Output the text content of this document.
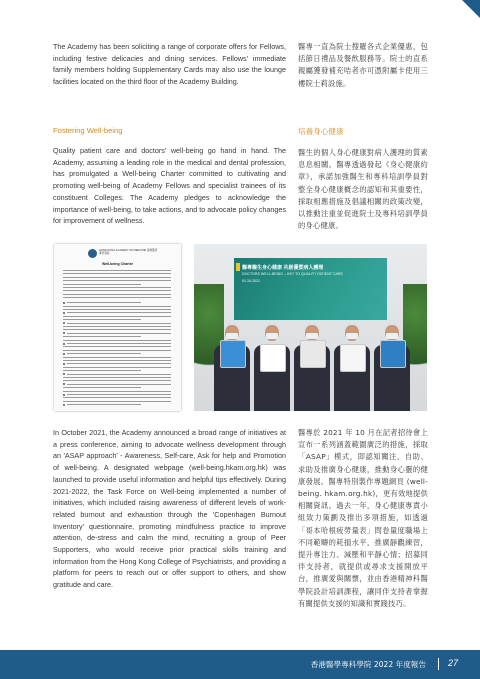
The Academy has been soliciting a range of corporate offers for Fellows, including festive delicacies and dining services. Fellows' immediate family members holding Supplementary Cards may also use the lounge facilities located on the third floor of the Academy Building.

醫專一直為院士搜羅各式企業優惠，包括節日禮品及餐飲服務等。院士的直系親屬獲發補充咭者亦可憑附屬卡使用三樓院士莉設施。

Fostering Well-being

Quality patient care and doctors' well-being go hand in hand. The Academy, assuming a leading role in the medical and dental profession, has promulgated a Well-being Charter committed to cultivating and promoting well-being of Academy Fellows and specialist trainees of its constituent Colleges. The Academy pledges to acknowledge the importance of well-being, to take actions, and to advocate policy changes for improvement of wellness.

培養身心健康

醫生的個人身心健康對病人護理的質素息息相關。醫專透過發起《身心健康約章》，承諾加強醫生和專科培訓學員對整全身心健康概念的認知和其重要性，採取相應措施及倡議相關的政策改變，以推動注重並促進院士及專科培訓學員的身心健康。

HONG KONG ACADEMY OF MEDICINE 香港醫學專科學院
Well-being Charter
醫專醫生身心健康 共創優質病人護理
DOCTORS WELL-BEING – KEY TO QUALITY PATIENT CARE
01.10.2021

In October 2021, the Academy announced a broad range of initiatives at a press conference, aiming to advocate wellness development through an 'ASAP approach' - Awareness, Self-care, Ask for help and Promotion of well-being. A designated webpage (well-being.hkam.org.hk) was launched to provide useful information and helpful tips effectively. During 2021-2022, the Task Force on Well-being implemented a number of initiatives, which included raising awareness of different levels of work-related burnout and exhaustion through the 'Copenhagen Burnout Inventory' questionnaire, promoting mindfulness practice to improve attention, de-stress and calm the mind, recruiting a group of Peer Supporters, who would receive prior practical skills training and information from the Hong Kong College of Psychiatrists, and providing a platform for peers to reach out or offer support to others, and show gratitude and care.

醫專於 2021 年 10 月在記者招待會上宣布一系列涵蓋範圍廣泛的措施，採取「ASAP」模式，即認知關注、自助、求助及推廣身心健康，推動身心靈的健康發展。醫專特別製作專題網頁 (well-being. hkam.org.hk)，更有效地提供相關資訊。過去一年，身心健康專責小組致力策劃及推出多項措施，如透過「哥本哈根疲勞量表」問卷量度職場上不同範疇的耗損水平，推廣靜觀練習，提升專注力、減壓和平靜心情；招募同伴支持者，就提供或尋求支援開放平台，推廣愛與關懷，並由香港精神科醫學院設計培訓課程，讓同伴支持者掌握有關提供支援的知識和實踐技巧。

香港醫學專科學院 2022 年度報告 27
